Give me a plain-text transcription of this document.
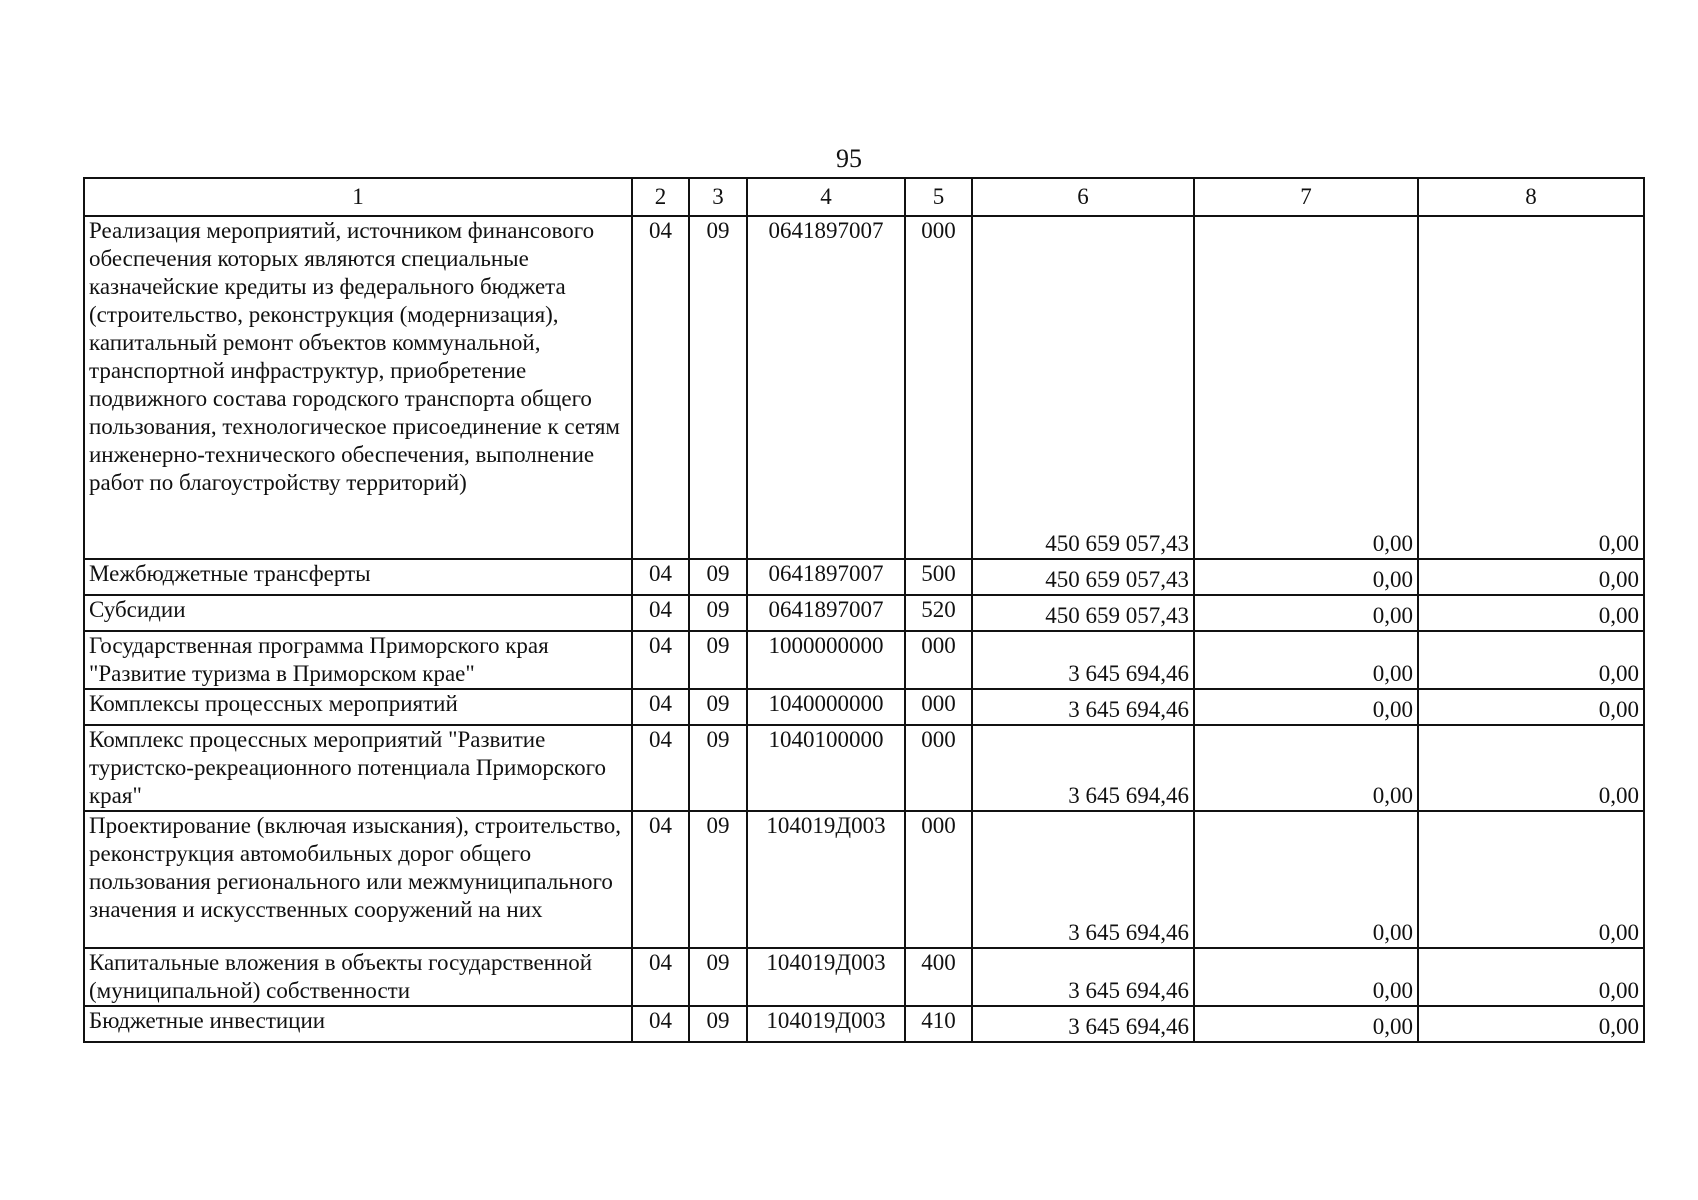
95
1	2	3	4	5	6	7	8
Реализация мероприятий, источником финансового обеспечения которых являются специальные казначейские кредиты из федерального бюджета (строительство, реконструкция (модернизация), капитальный ремонт объектов коммунальной, транспортной инфраструктур, приобретение подвижного состава городского транспорта общего пользования, технологическое присоединение к сетям инженерно-технического обеспечения, выполнение работ по благоустройству территорий)	04	09	0641897007	000	450 659 057,43	0,00	0,00
Межбюджетные трансферты	04	09	0641897007	500	450 659 057,43	0,00	0,00
Субсидии	04	09	0641897007	520	450 659 057,43	0,00	0,00
Государственная программа Приморского края "Развитие туризма в Приморском крае"	04	09	1000000000	000	3 645 694,46	0,00	0,00
Комплексы процессных мероприятий	04	09	1040000000	000	3 645 694,46	0,00	0,00
Комплекс процессных мероприятий "Развитие туристско-рекреационного потенциала Приморского края"	04	09	1040100000	000	3 645 694,46	0,00	0,00
Проектирование (включая изыскания), строительство, реконструкция автомобильных дорог общего пользования регионального или межмуниципального значения и искусственных сооружений на них	04	09	104019Д003	000	3 645 694,46	0,00	0,00
Капитальные вложения в объекты государственной (муниципальной) собственности	04	09	104019Д003	400	3 645 694,46	0,00	0,00
Бюджетные инвестиции	04	09	104019Д003	410	3 645 694,46	0,00	0,00
